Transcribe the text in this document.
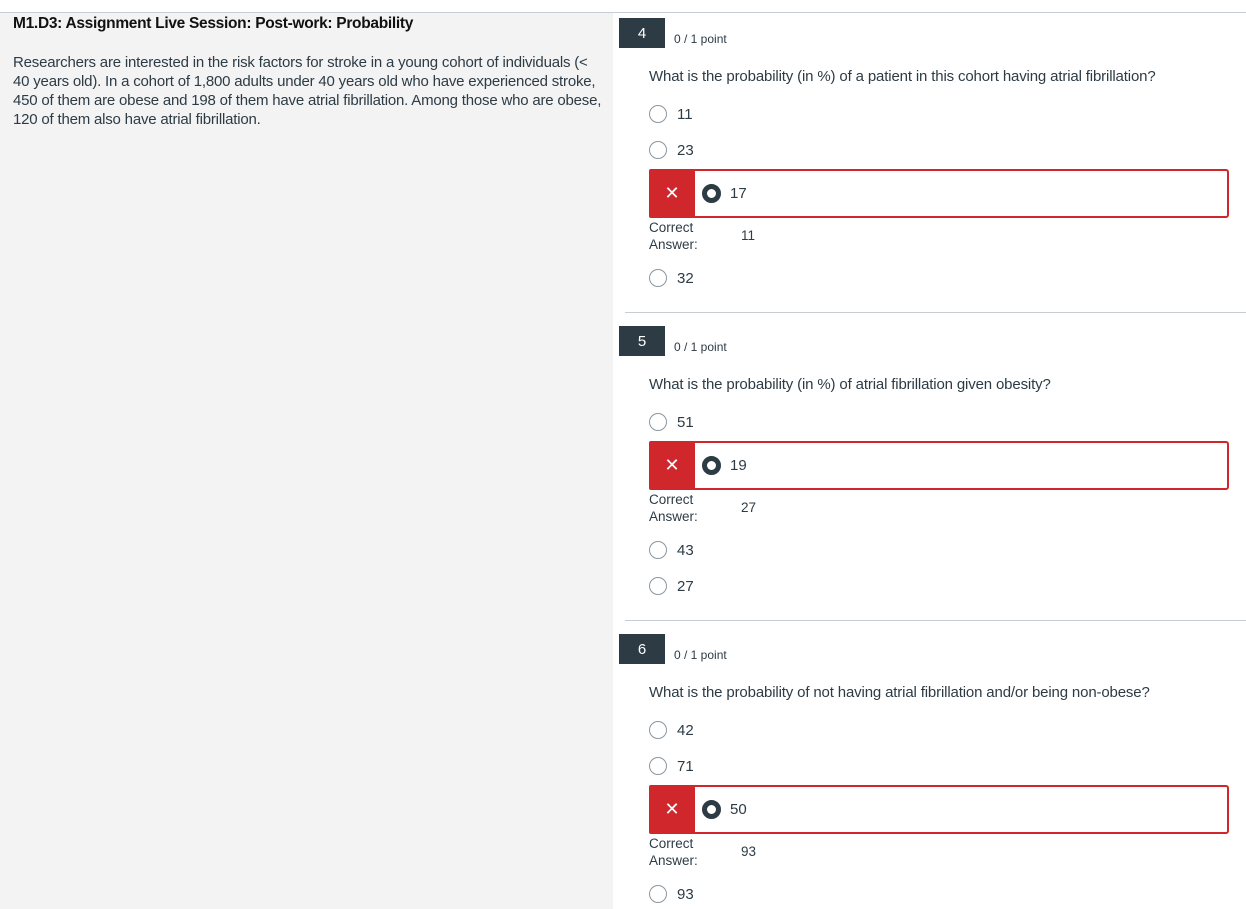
M1.D3: Assignment Live Session: Post-work: Probability
Researchers are interested in the risk factors for stroke in a young cohort of individuals (< 40 years old). In a cohort of 1,800 adults under 40 years old who have experienced stroke, 450 of them are obese and 198 of them have atrial fibrillation. Among those who are obese, 120 of them also have atrial fibrillation.
4	0 / 1 point
What is the probability (in %) of a patient in this cohort having atrial fibrillation?
11
23
✕	17
Correct Answer:
11
32
5	0 / 1 point
What is the probability (in %) of atrial fibrillation given obesity?
51
✕	19
Correct Answer:
27
43
27
6	0 / 1 point
What is the probability of not having atrial fibrillation and/or being non-obese?
42
71
✕	50
Correct Answer:
93
93
